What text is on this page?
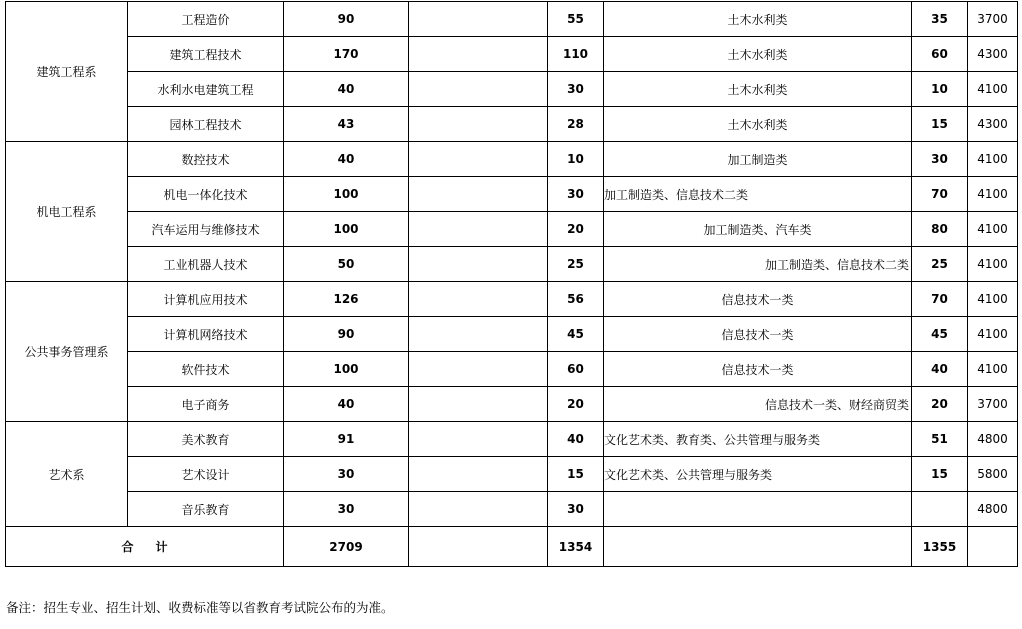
建筑工程系	工程造价	90		55	土木水利类	35	3700
	建筑工程技术	170		110	土木水利类	60	4300
	水利水电建筑工程	40		30	土木水利类	10	4100
	园林工程技术	43		28	土木水利类	15	4300
机电工程系	数控技术	40		10	加工制造类	30	4100
	机电一体化技术	100		30	加工制造类、信息技术二类	70	4100
	汽车运用与维修技术	100		20	加工制造类、汽车类	80	4100
	工业机器人技术	50		25	加工制造类、信息技术二类	25	4100
公共事务管理系	计算机应用技术	126		56	信息技术一类	70	4100
	计算机网络技术	90		45	信息技术一类	45	4100
	软件技术	100		60	信息技术一类	40	4100
	电子商务	40		20	信息技术一类、财经商贸类	20	3700
艺术系	美术教育	91		40	文化艺术类、教育类、公共管理与服务类	51	4800
	艺术设计	30		15	文化艺术类、公共管理与服务类	15	5800
	音乐教育	30		30			4800
合 计		2709		1354		1355	
备注：招生专业、招生计划、收费标准等以省教育考试院公布的为准。
